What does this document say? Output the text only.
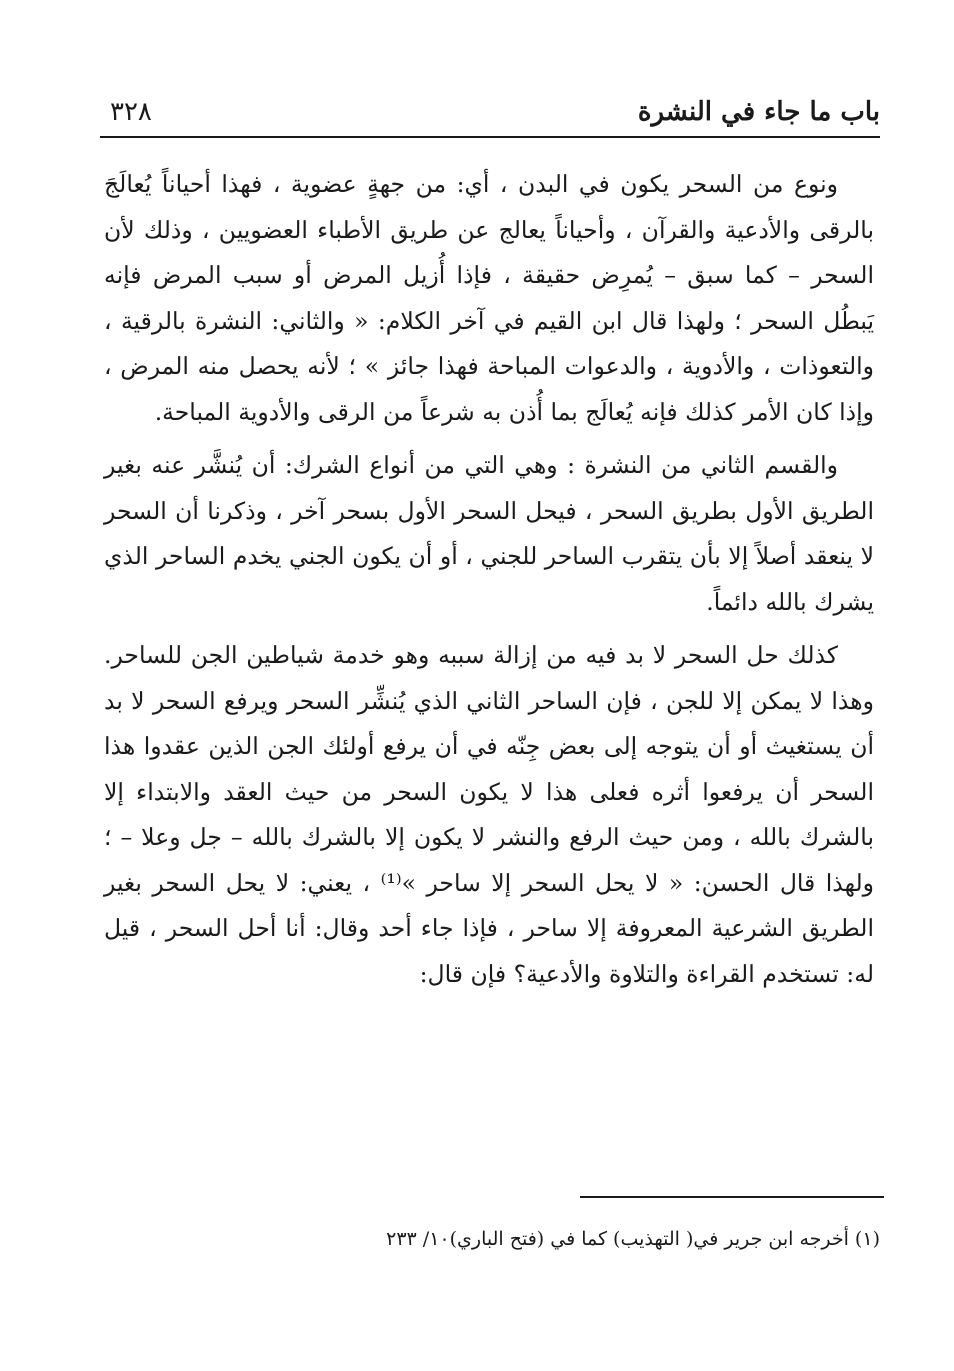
باب ما جاء في النشرة
٣٢٨

ونوع من السحر يكون في البدن ، أي: من جهةٍ عضوية ، فهذا أحياناً يُعالَجَ بالرقى والأدعية والقرآن ، وأحياناً يعالج عن طريق الأطباء العضويين ، وذلك لأن السحر – كما سبق – يُمرِض حقيقة ، فإذا أُزيل المرض أو سبب المرض فإنه يَبطُل السحر ؛ ولهذا قال ابن القيم في آخر الكلام: « والثاني: النشرة بالرقية ، والتعوذات ، والأدوية ، والدعوات المباحة فهذا جائز » ؛ لأنه يحصل منه المرض ، وإذا كان الأمر كذلك فإنه يُعالَج بما أُذن به شرعاً من الرقى والأدوية المباحة.

والقسم الثاني من النشرة : وهي التي من أنواع الشرك: أن يُنشَّر عنه بغير الطريق الأول بطريق السحر ، فيحل السحر الأول بسحر آخر ، وذكرنا أن السحر لا ينعقد أصلاً إلا بأن يتقرب الساحر للجني ، أو أن يكون الجني يخدم الساحر الذي يشرك بالله دائماً.

كذلك حل السحر لا بد فيه من إزالة سببه وهو خدمة شياطين الجن للساحر. وهذا لا يمكن إلا للجن ، فإن الساحر الثاني الذي يُنشِّر السحر ويرفع السحر لا بد أن يستغيث أو أن يتوجه إلى بعض جِنّه في أن يرفع أولئك الجن الذين عقدوا هذا السحر أن يرفعوا أثره فعلى هذا لا يكون السحر من حيث العقد والابتداء إلا بالشرك بالله ، ومن حيث الرفع والنشر لا يكون إلا بالشرك بالله – جل وعلا – ؛ ولهذا قال الحسن: « لا يحل السحر إلا ساحر »⁽¹⁾ ، يعني: لا يحل السحر بغير الطريق الشرعية المعروفة إلا ساحر ، فإذا جاء أحد وقال: أنا أحل السحر ، قيل له: تستخدم القراءة والتلاوة والأدعية؟ فإن قال:

(١) أخرجه ابن جرير في( التهذيب) كما في (فتح الباري)١٠/ ٢٣٣
